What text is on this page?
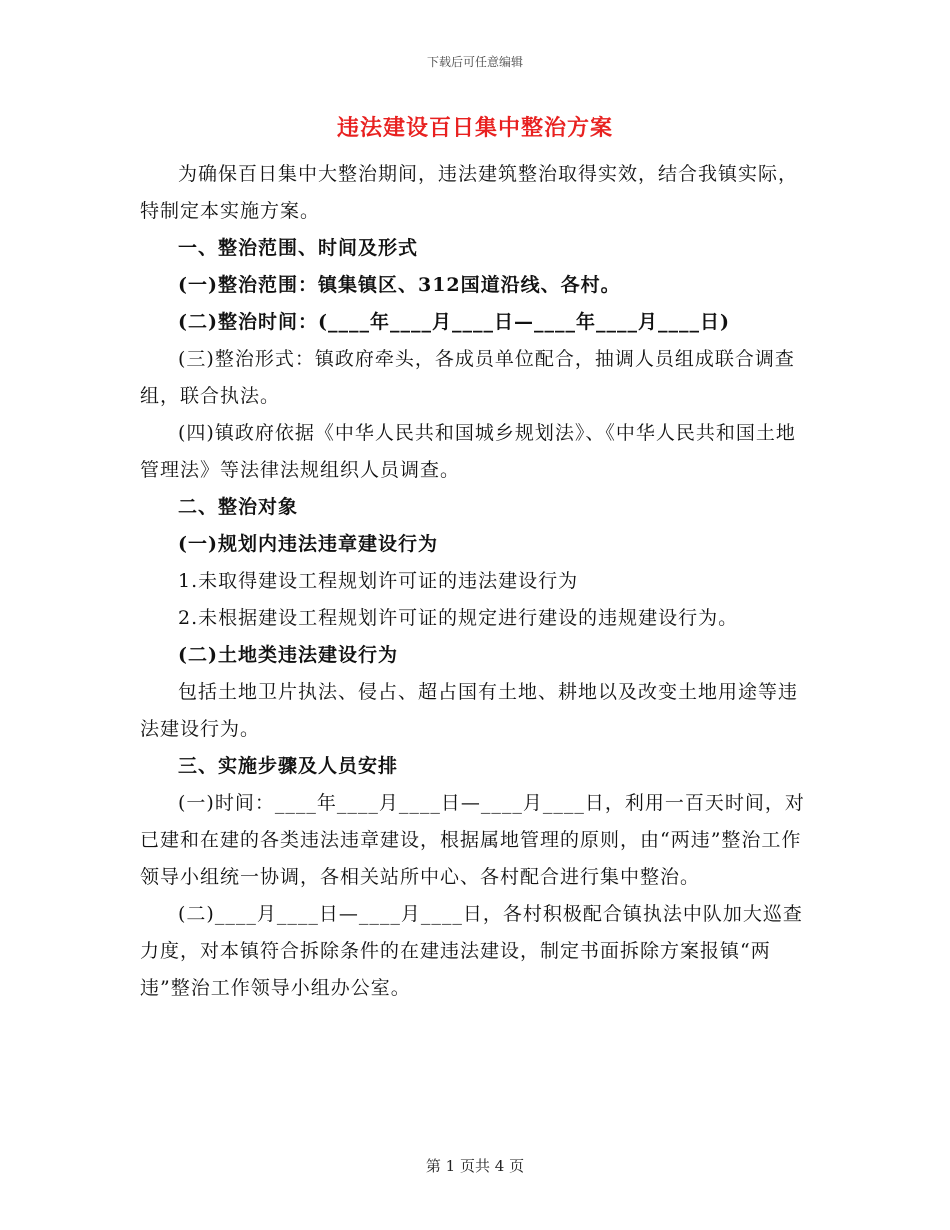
下载后可任意编辑

违法建设百日集中整治方案

为确保百日集中大整治期间，违法建筑整治取得实效，结合我镇实际，特制定本实施方案。

一、整治范围、时间及形式

(一)整治范围：镇集镇区、312国道沿线、各村。

(二)整治时间：(____年____月____日—____年____月____日)

(三)整治形式：镇政府牵头，各成员单位配合，抽调人员组成联合调查组，联合执法。

(四)镇政府依据《中华人民共和国城乡规划法》、《中华人民共和国土地管理法》等法律法规组织人员调查。

二、整治对象

(一)规划内违法违章建设行为

1.未取得建设工程规划许可证的违法建设行为

2.未根据建设工程规划许可证的规定进行建设的违规建设行为。

(二)土地类违法建设行为

包括土地卫片执法、侵占、超占国有土地、耕地以及改变土地用途等违法建设行为。

三、实施步骤及人员安排

(一)时间：____年____月____日—____月____日，利用一百天时间，对已建和在建的各类违法违章建设，根据属地管理的原则，由“两违”整治工作领导小组统一协调，各相关站所中心、各村配合进行集中整治。

(二)____月____日—____月____日，各村积极配合镇执法中队加大巡查力度，对本镇符合拆除条件的在建违法建设，制定书面拆除方案报镇“两违”整治工作领导小组办公室。

第 1 页共 4 页
